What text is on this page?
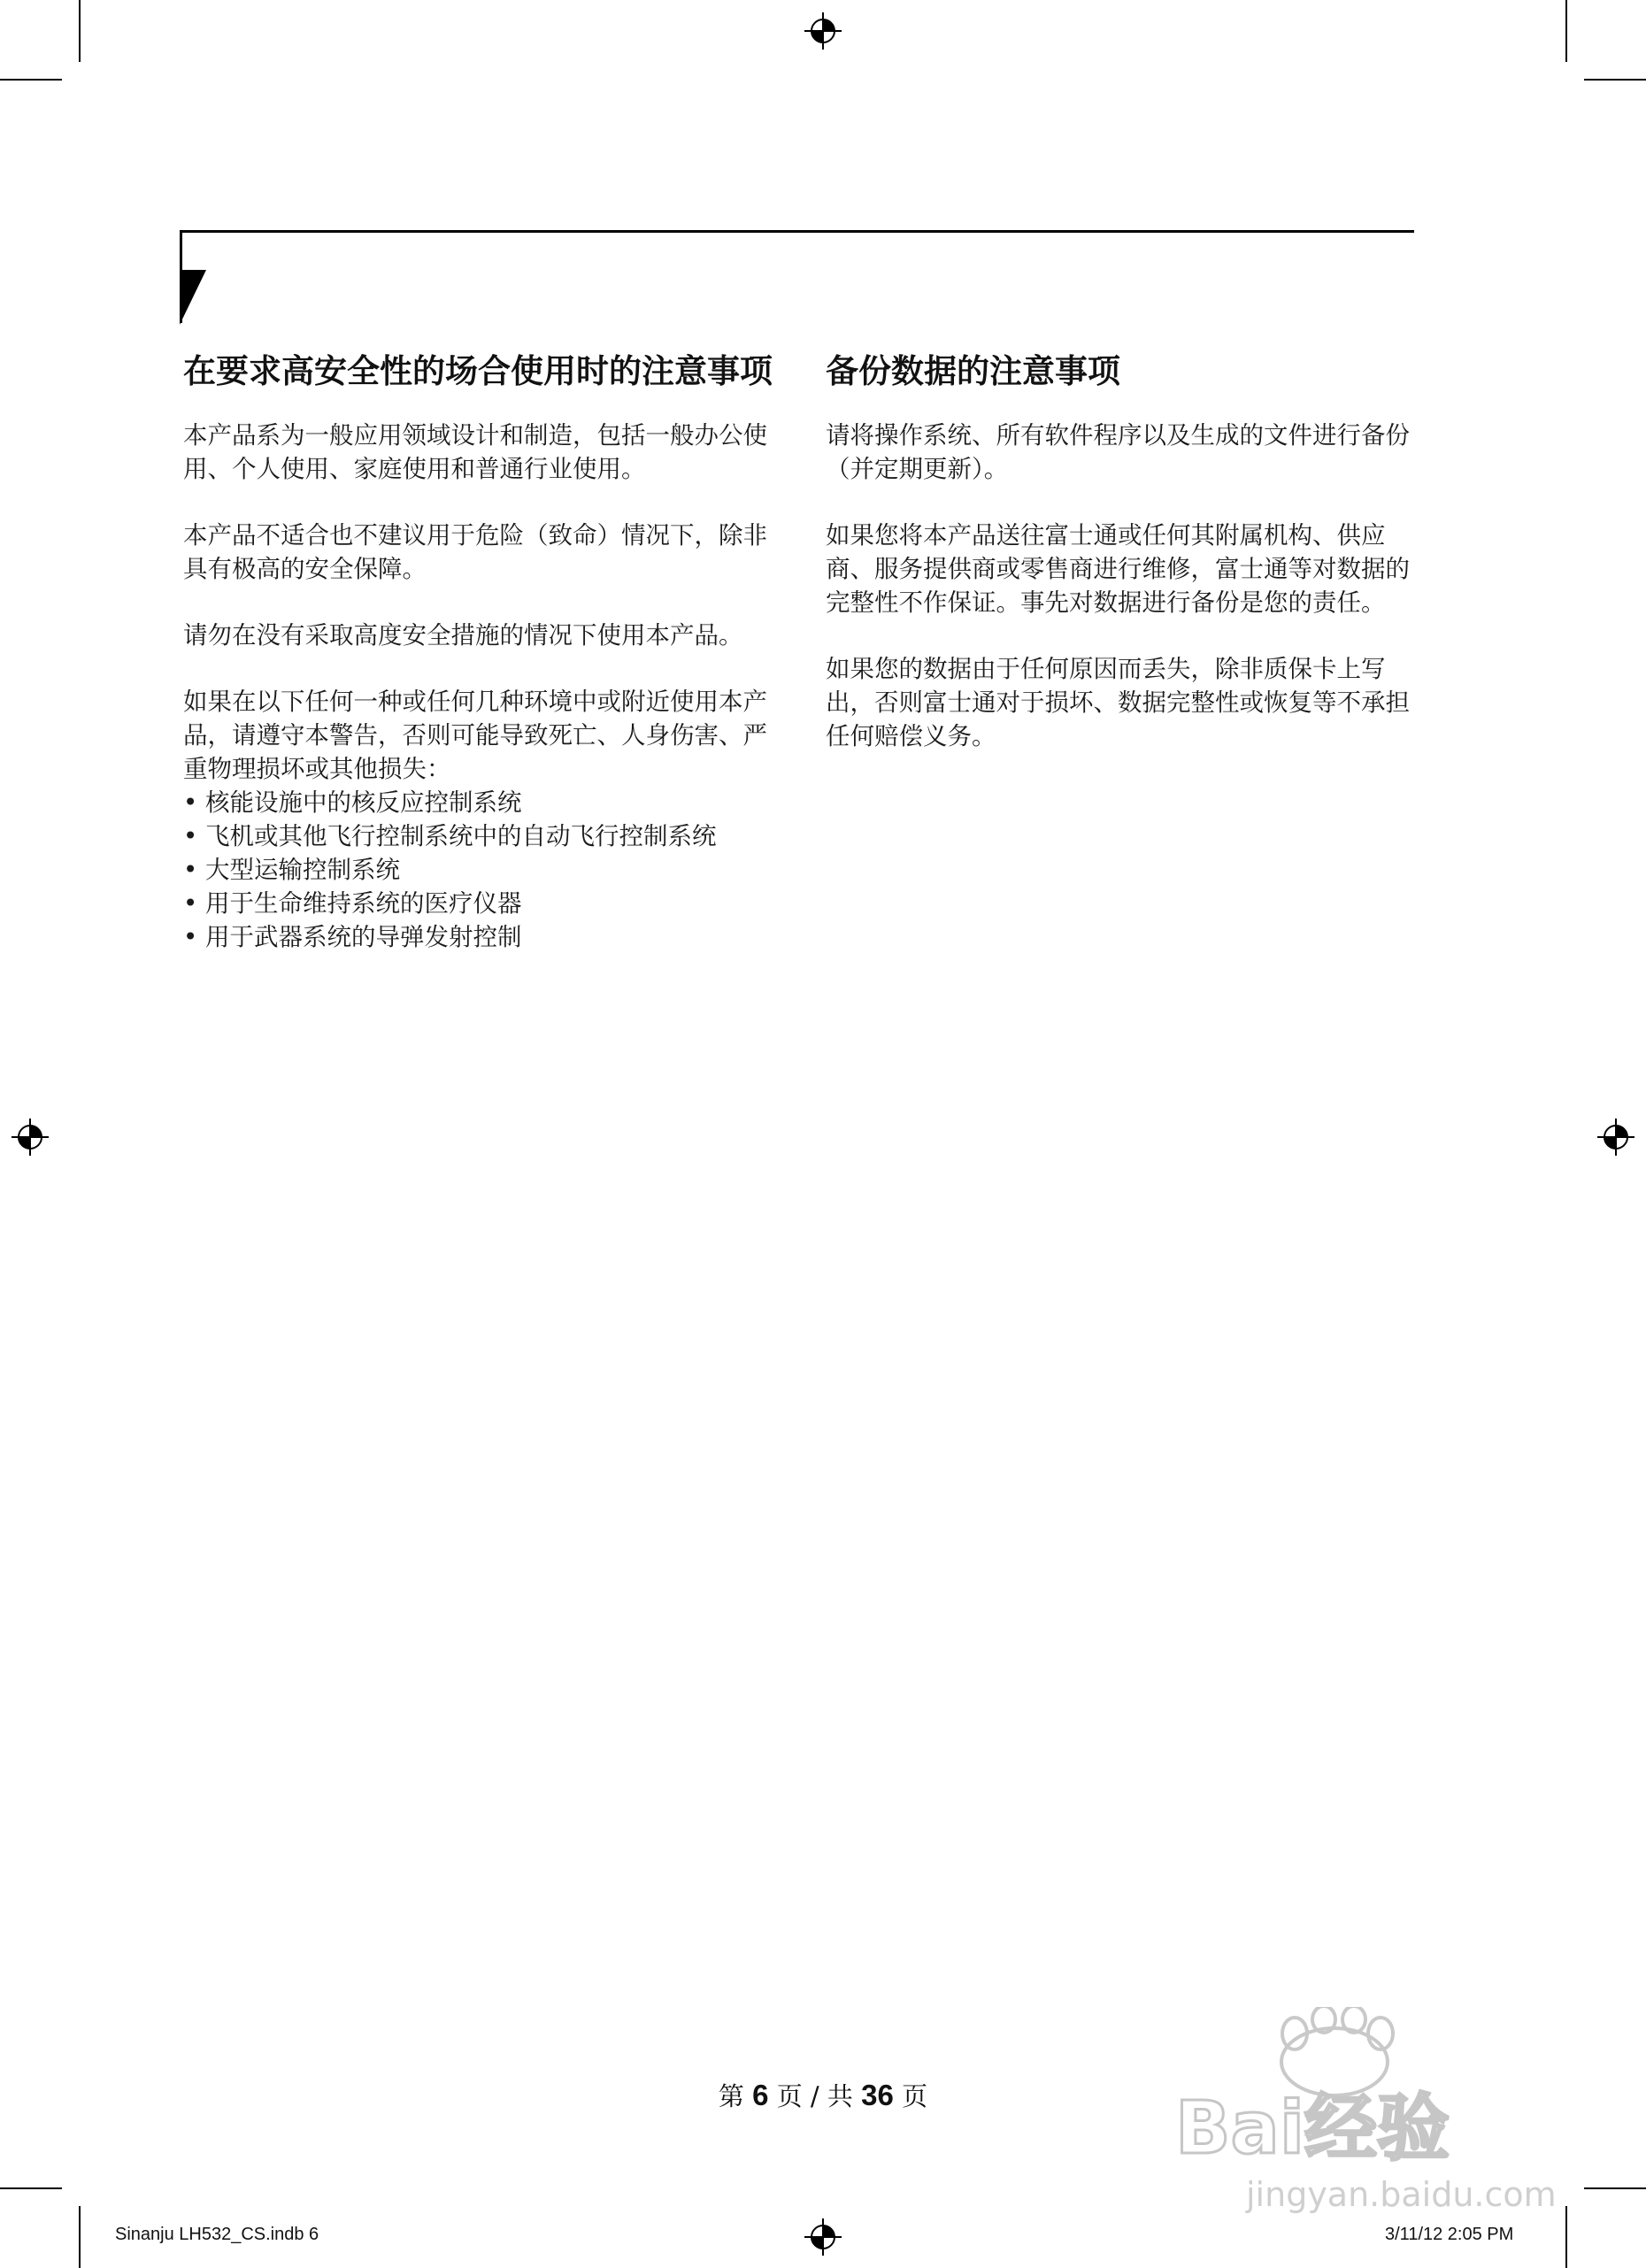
在要求高安全性的场合使用时的注意事项

本产品系为一般应用领域设计和制造，包括一般办公使用、个人使用、家庭使用和普通行业使用。

本产品不适合也不建议用于危险（致命）情况下，除非具有极高的安全保障。

请勿在没有采取高度安全措施的情况下使用本产品。

如果在以下任何一种或任何几种环境中或附近使用本产品，请遵守本警告，否则可能导致死亡、人身伤害、严重物理损坏或其他损失：

• 核能设施中的核反应控制系统
• 飞机或其他飞行控制系统中的自动飞行控制系统
• 大型运输控制系统
• 用于生命维持系统的医疗仪器
• 用于武器系统的导弹发射控制
备份数据的注意事项

请将操作系统、所有软件程序以及生成的文件进行备份（并定期更新）。

如果您将本产品送往富士通或任何其附属机构、供应商、服务提供商或零售商进行维修，富士通等对数据的完整性不作保证。事先对数据进行备份是您的责任。

如果您的数据由于任何原因而丢失，除非质保卡上写出，否则富士通对于损坏、数据完整性或恢复等不承担任何赔偿义务。

第 6 页 / 共 36 页
Sinanju LH532_CS.indb 6	3/11/12 2:05 PM
Bai经验
jingyan.baidu.com
